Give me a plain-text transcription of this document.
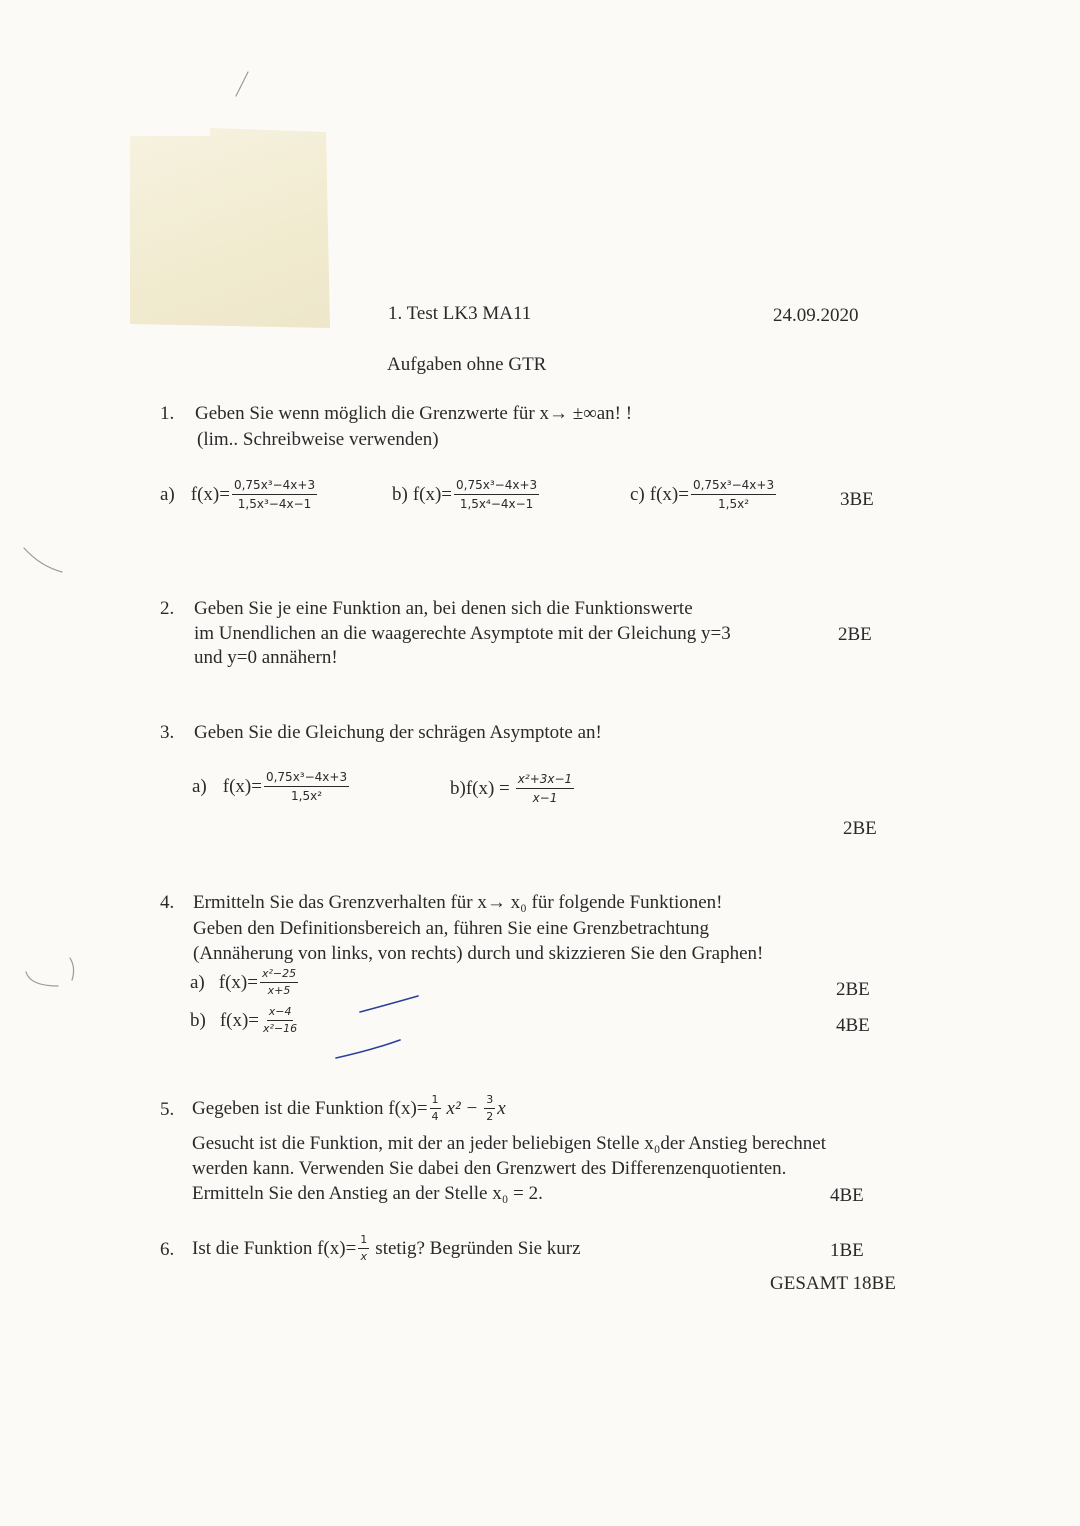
1. Test LK3 MA11	24.09.2020
Aufgaben ohne GTR
1. Geben Sie wenn möglich die Grenzwerte für x→ ±∞an! !
(lim.. Schreibweise verwenden)
a) $f(x)= \frac{\text{0,75x³−4x+3}}{\text{1,5x³−4x−1}}$	b) $f(x)= \frac{\text{0,75x³−4x+3}}{\text{1,5x⁴−4x−1}}$	c) $f(x)= \frac{\text{0,75x³−4x+3}}{\text{1,5x²}}$	3BE
2. Geben Sie je eine Funktion an, bei denen sich die Funktionswerte
im Unendlichen an die waagerechte Asymptote mit der Gleichung y=3
und y=0 annähern!
2BE
3. Geben Sie die Gleichung der schrägen Asymptote an!
a) $f(x)= \frac{\text{0,75x³−4x+3}}{\text{1,5x²}}$	$b)f(x) = \frac{\text{x²+3x−1}}{x-1}$
2BE
4. Ermitteln Sie das Grenzverhalten für x→ x₀ für folgende Funktionen!
Geben den Definitionsbereich an, führen Sie eine Grenzbetrachtung
(Annäherung von links, von rechts) durch und skizzieren Sie den Graphen!
a) $f(x)= \frac{\text{x²−25}}{x+5}$	2BE
b) $f(x)= \frac{x-4}{\text{x²−16}}$	4BE
5. Gegeben ist die Funktion $f(x)= \frac{1}{4} x^2 - \frac{3}{2}$ x
Gesucht ist die Funktion, mit der an jeder beliebigen Stelle x₀der Anstieg berechnet
werden kann. Verwenden Sie dabei den Grenzwert des Differenzenquotienten.
Ermitteln Sie den Anstieg an der Stelle x₀ = 2.	4BE
6. Ist die Funktion $f(x)= \frac{1}{x}$ stetig? Begründen Sie kurz	1BE
GESAMT 18BE
